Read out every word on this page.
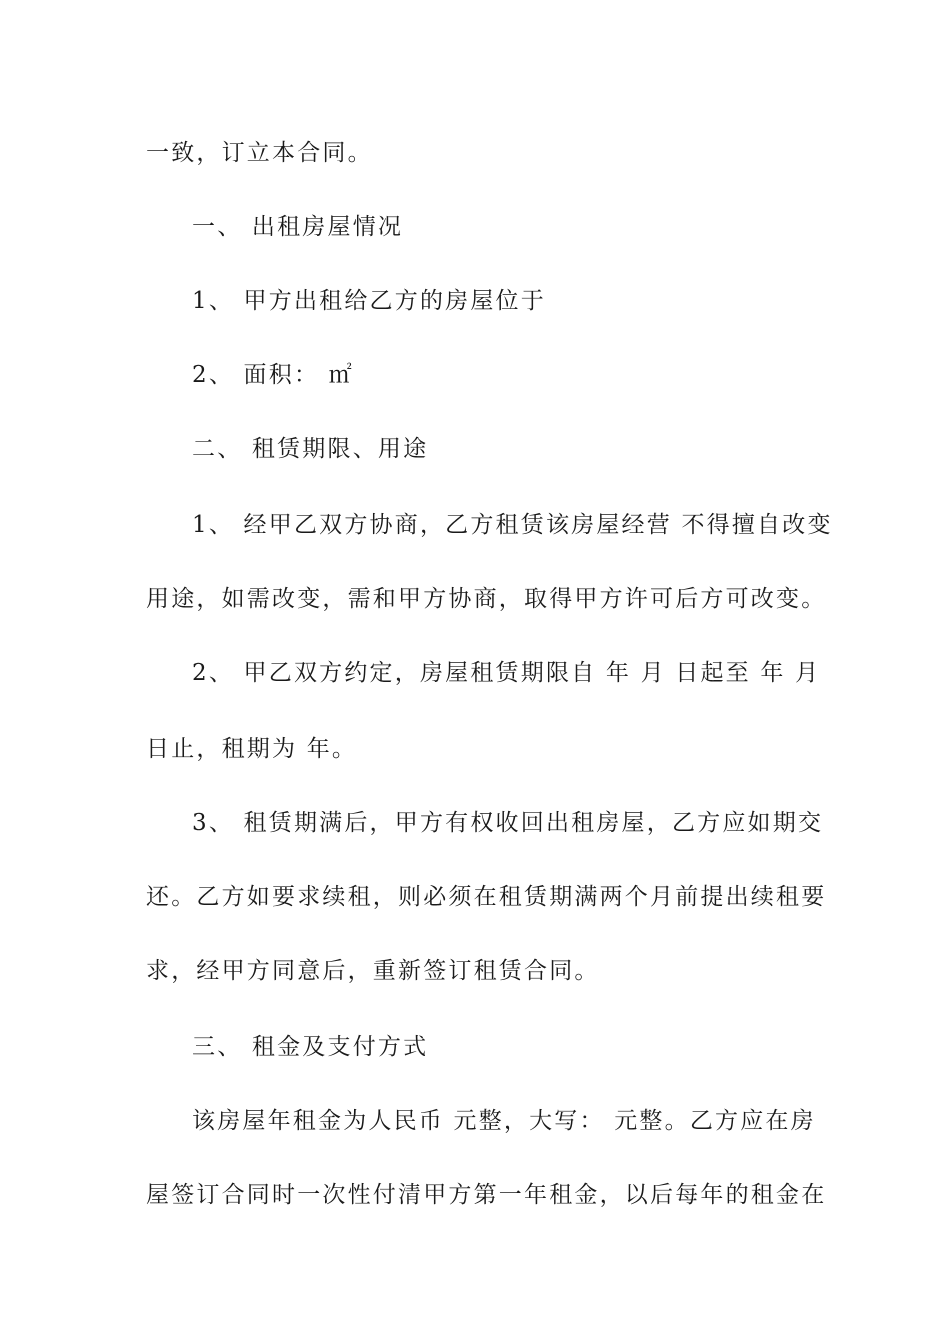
一致，订立本合同。
一、 出租房屋情况
1、 甲方出租给乙方的房屋位于
2、 面积： ㎡
二、 租赁期限、用途
1、 经甲乙双方协商，乙方租赁该房屋经营 不得擅自改变
用途，如需改变，需和甲方协商，取得甲方许可后方可改变。
2、 甲乙双方约定，房屋租赁期限自 年 月 日起至 年 月
日止，租期为 年。
3、 租赁期满后，甲方有权收回出租房屋，乙方应如期交
还。乙方如要求续租，则必须在租赁期满两个月前提出续租要
求，经甲方同意后，重新签订租赁合同。
三、 租金及支付方式
该房屋年租金为人民币 元整，大写： 元整。乙方应在房
屋签订合同时一次性付清甲方第一年租金，以后每年的租金在
